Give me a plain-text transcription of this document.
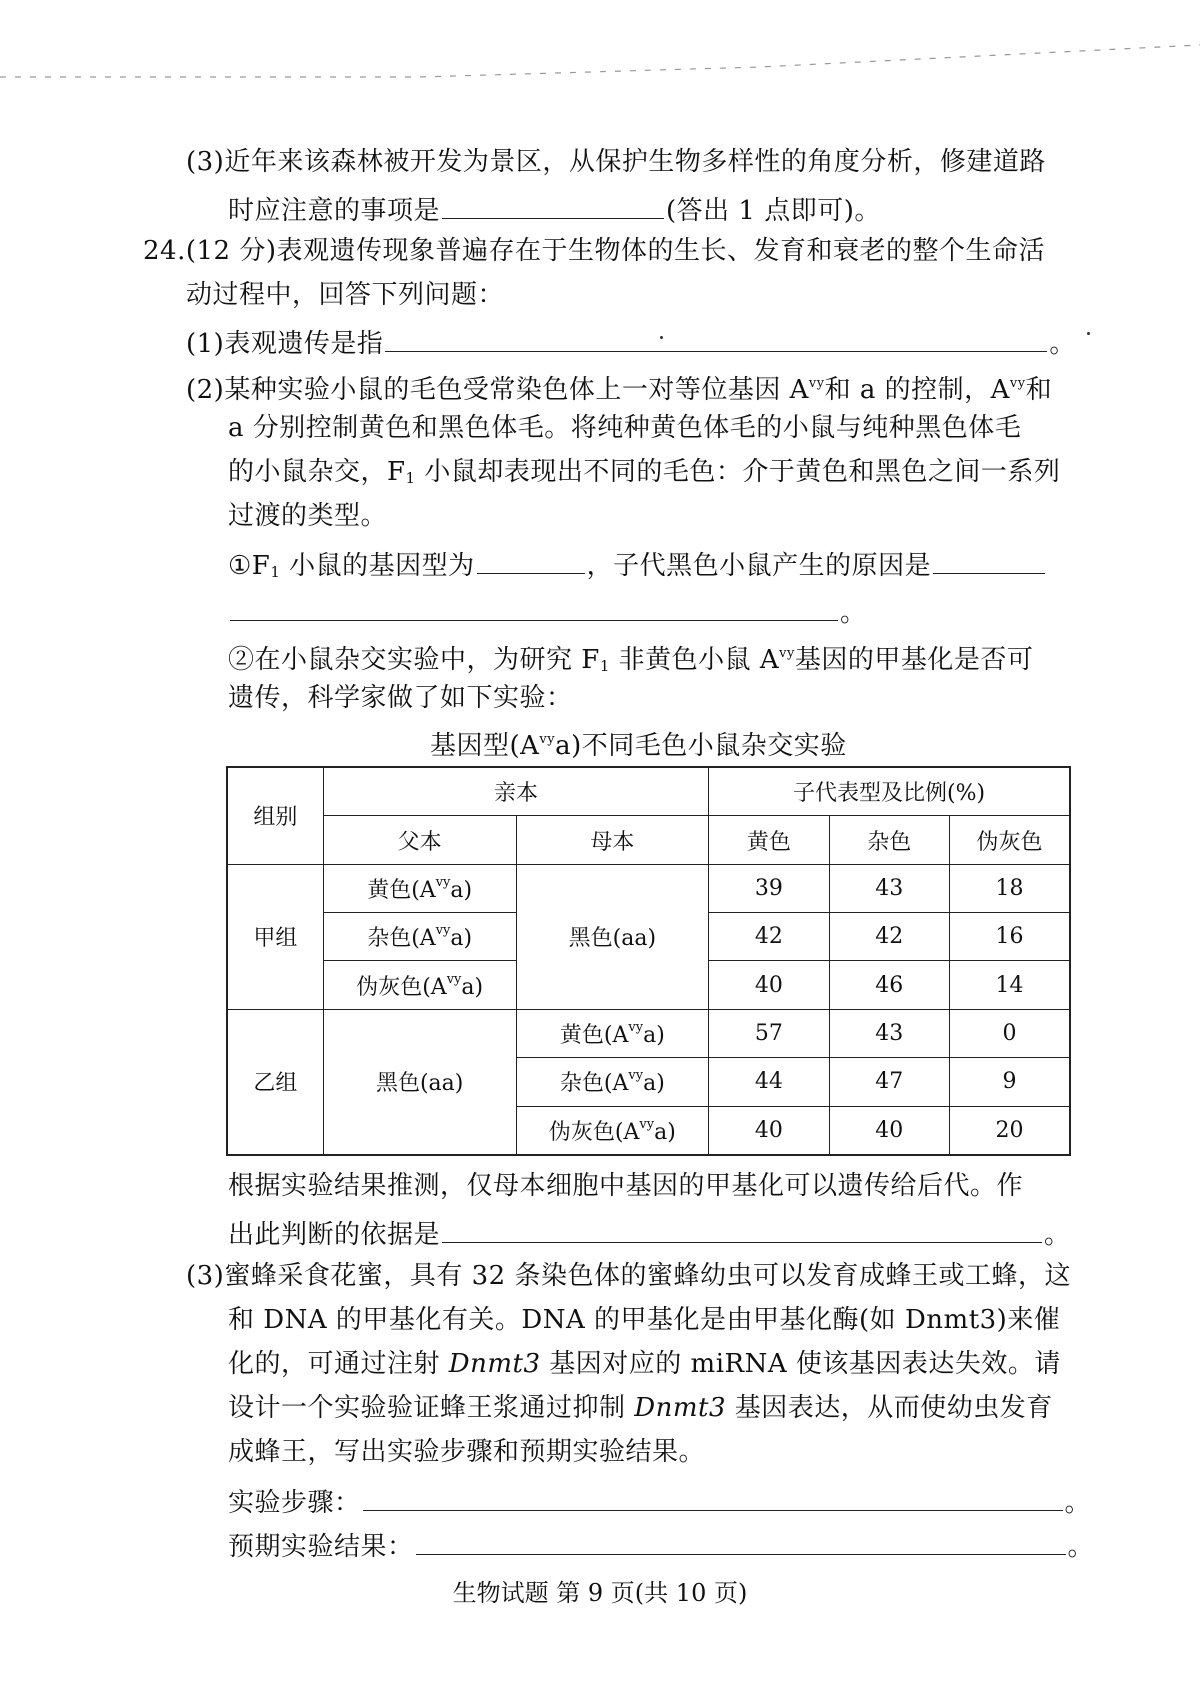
(3)近年来该森林被开发为景区，从保护生物多样性的角度分析，修建道路
时应注意的事项是	(答出 1 点即可)。
24.(12 分)表观遗传现象普遍存在于生物体的生长、发育和衰老的整个生命活
动过程中，回答下列问题：
(1)表观遗传是指	。
(2)某种实验小鼠的毛色受常染色体上一对等位基因 $A^{vy}$和 a 的控制，$A^{vy}$和
a 分别控制黄色和黑色体毛。将纯种黄色体毛的小鼠与纯种黑色体毛
的小鼠杂交，$F_1$ 小鼠却表现出不同的毛色：介于黄色和黑色之间一系列
过渡的类型。
$①F_1$ 小鼠的基因型为	，子代黑色小鼠产生的原因是
。
②在小鼠杂交实验中，为研究 $F_1$ 非黄色小鼠 $A^{vy}$基因的甲基化是否可
遗传，科学家做了如下实验：
基因型$(A^{vy}a)$不同毛色小鼠杂交实验
组别	亲本		子代表型及比例(%)		
	父本	母本	黄色	杂色	伪灰色
甲组	黄色$(A^{vy}a)$	黑色(aa)	39	43	18
	杂色$(A^{vy}a)$		42	42	16
	伪灰色$(A^{vy}a)$		40	46	14
乙组	黑色(aa)	黄色$(A^{vy}a)$	57	43	0
		杂色$(A^{vy}a)$	44	47	9
		伪灰色$(A^{vy}a)$	40	40	20
根据实验结果推测，仅母本细胞中基因的甲基化可以遗传给后代。作
出此判断的依据是	。
(3)蜜蜂采食花蜜，具有 32 条染色体的蜜蜂幼虫可以发育成蜂王或工蜂，这
和 DNA 的甲基化有关。DNA 的甲基化是由甲基化酶(如 Dnmt3)来催
化的，可通过注射 Dnmt3 基因对应的 miRNA 使该基因表达失效。请
设计一个实验验证蜂王浆通过抑制 Dnmt3 基因表达，从而使幼虫发育
成蜂王，写出实验步骤和预期实验结果。
实验步骤：	。
预期实验结果：	。
生物试题 第 9 页(共 10 页)
